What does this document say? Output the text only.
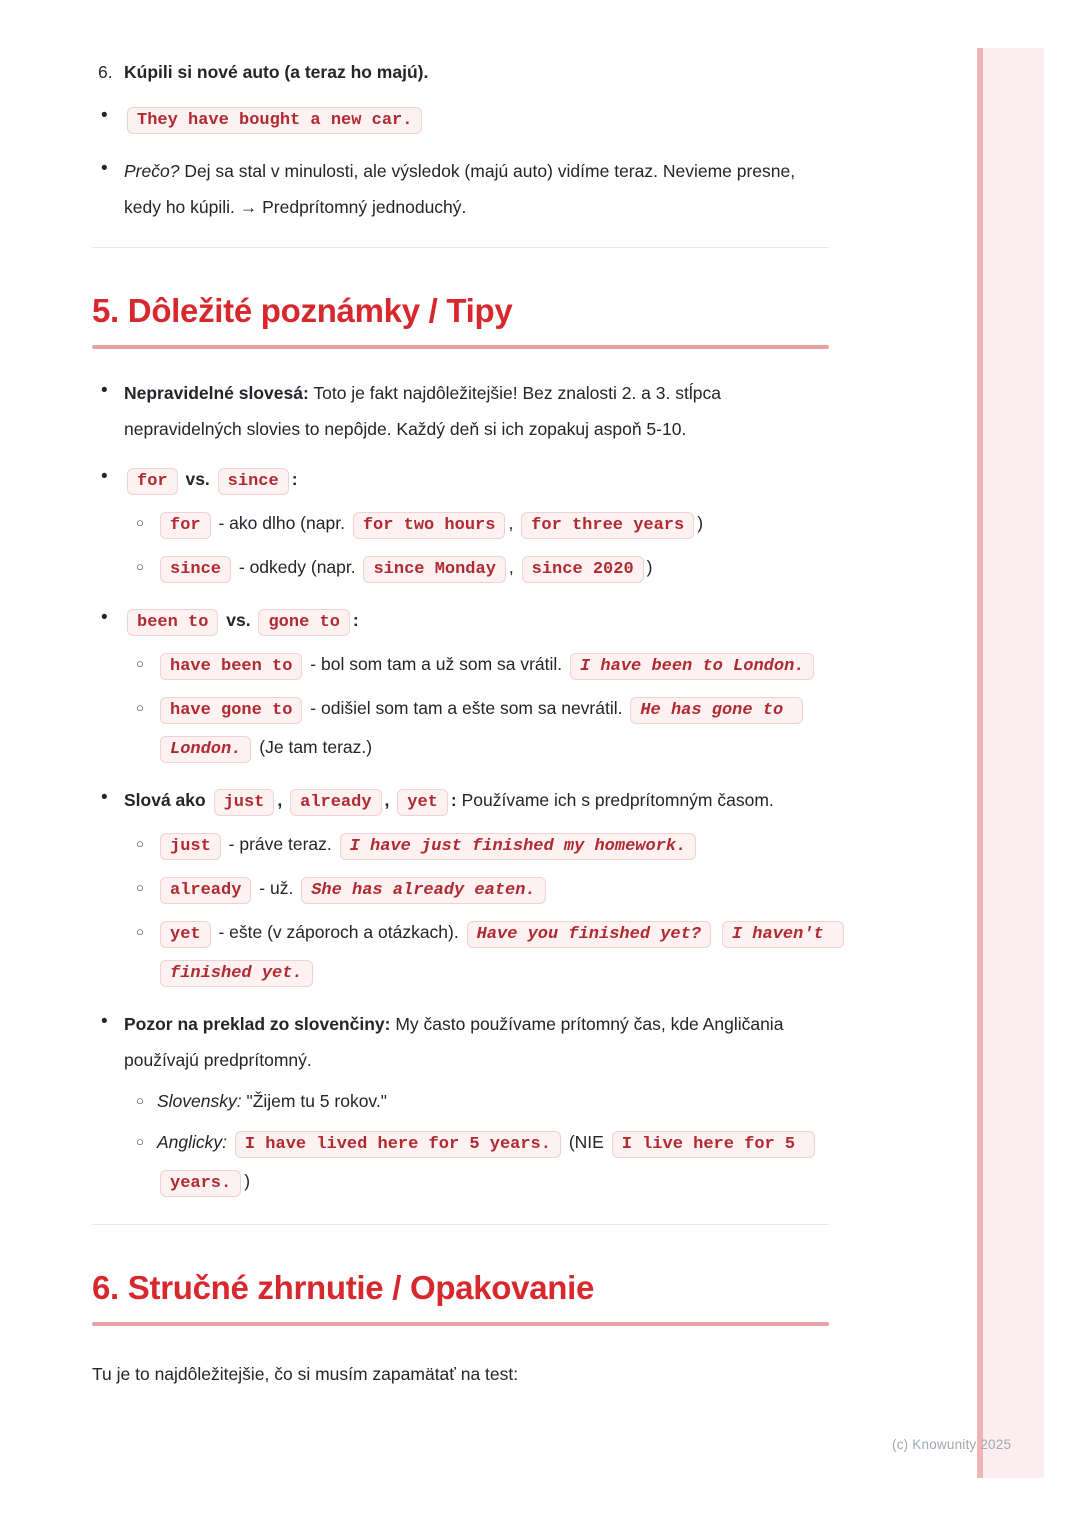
6. Kúpili si nové auto (a teraz ho majú).
• They have bought a new car.
• Prečo? Dej sa stal v minulosti, ale výsledok (majú auto) vidíme teraz. Nevieme presne, kedy ho kúpili. → Predprítomný jednoduchý.
5. Dôležité poznámky / Tipy
• Nepravidelné slovesá: Toto je fakt najdôležitejšie! Bez znalosti 2. a 3. stĺpca nepravidelných slovies to nepôjde. Každý deň si ich zopakuj aspoň 5-10.
• for vs. since :
○ for - ako dlho (napr. for two hours , for three years )
○ since - odkedy (napr. since Monday , since 2020 )
• been to vs. gone to :
○ have been to - bol som tam a už som sa vrátil. I have been to London.
○ have gone to - odišiel som tam a ešte som sa nevrátil. He has gone to London. (Je tam teraz.)
• Slová ako just , already , yet : Používame ich s predprítomným časom.
○ just - práve teraz. I have just finished my homework.
○ already - už. She has already eaten.
○ yet - ešte (v záporoch a otázkach). Have you finished yet? I haven't finished yet.
• Pozor na preklad zo slovenčiny: My často používame prítomný čas, kde Angličania používajú predprítomný.
○ Slovensky: "Žijem tu 5 rokov."
○ Anglicky: I have lived here for 5 years. (NIE I live here for 5 years. )
6. Stručné zhrnutie / Opakovanie

Tu je to najdôležitejšie, čo si musím zapamätať na test:

(c) Knowunity 2025
